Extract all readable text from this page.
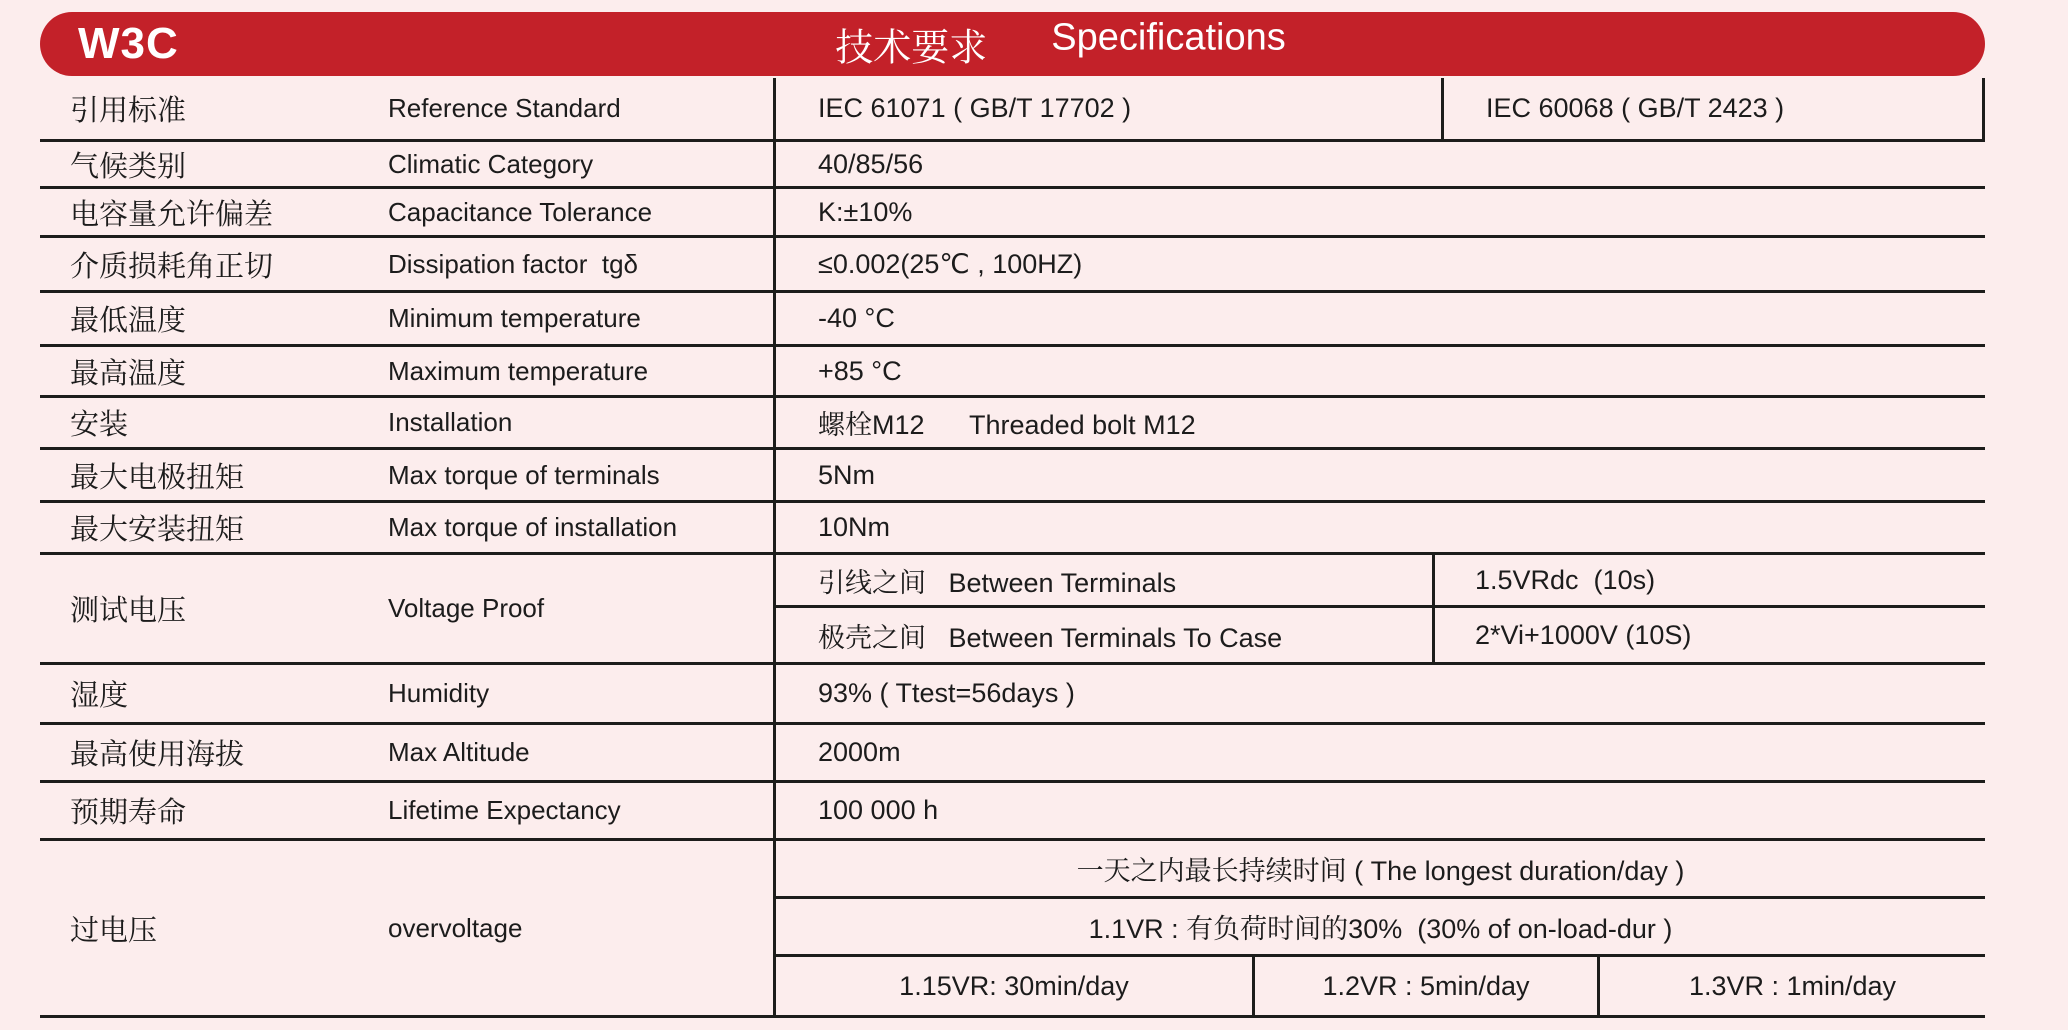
W3C	技术要求 Specifications
引用标准	Reference Standard	IEC 61071 ( GB/T 17702 )	IEC 60068 ( GB/T 2423 )
气候类别	Climatic Category	40/85/56
电容量允许偏差	Capacitance Tolerance	K:±10%
介质损耗角正切	Dissipation factor  tgδ	≤0.002(25℃ , 100HZ)
最低温度	Minimum temperature	-40 °C
最高温度	Maximum temperature	+85 °C
安装	Installation	螺栓M12      Threaded bolt M12
最大电极扭矩	Max torque of terminals	5Nm
最大安装扭矩	Max torque of installation	10Nm
测试电压	Voltage Proof
引线之间   Between Terminals	1.5VRdc  (10s)
极壳之间   Between Terminals To Case	2*Vi+1000V (10S)
湿度	Humidity	93% ( Ttest=56days )
最高使用海拔	Max Altitude	2000m
预期寿命	Lifetime Expectancy	100 000 h
过电压	overvoltage
一天之内最长持续时间 ( The longest duration/day )
1.1VR : 有负荷时间的30%  (30% of on-load-dur )
1.15VR: 30min/day	1.2VR : 5min/day	1.3VR : 1min/day
